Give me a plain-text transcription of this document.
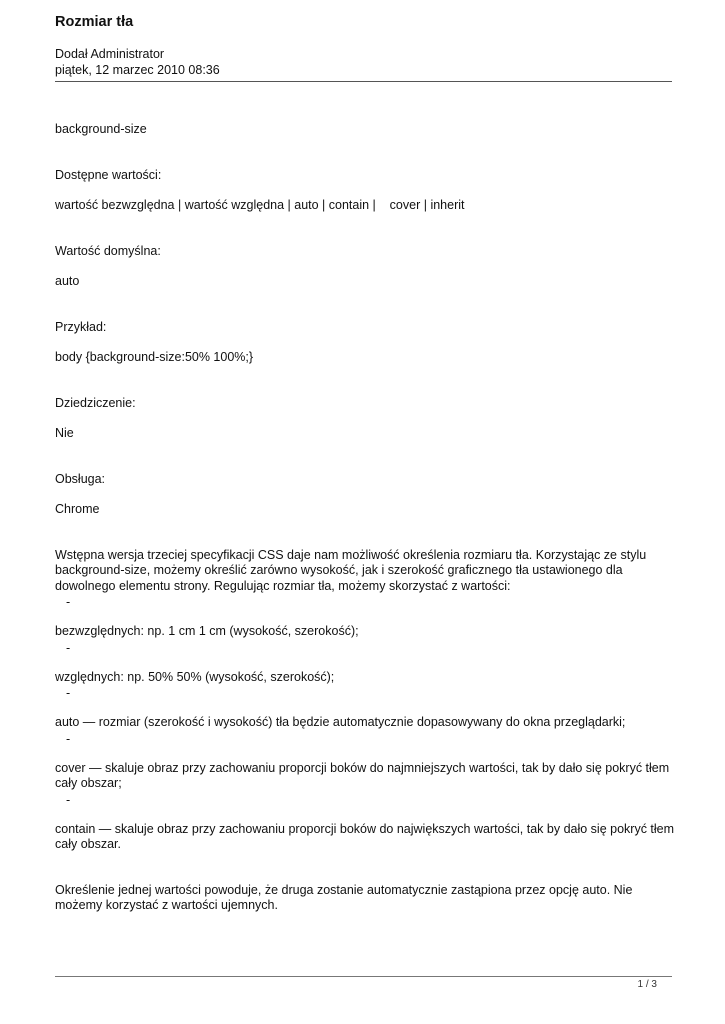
Rozmiar tła
Dodał Administrator
piątek, 12 marzec 2010 08:36

background-size

Dostępne wartości:

wartość bezwzględna | wartość względna | auto | contain |    cover | inherit

Wartość domyślna:

auto

Przykład:

body {background-size:50% 100%;}

Dziedziczenie:

Nie

Obsługa:

Chrome

Wstępna wersja trzeciej specyfikacji CSS daje nam możliwość określenia rozmiaru tła. Korzystając ze stylu background-size, możemy określić zarówno wysokość, jak i szerokość graficznego tła ustawionego dla dowolnego elementu strony. Regulując rozmiar tła, możemy skorzystać z wartości:

-

bezwzględnych: np. 1 cm 1 cm (wysokość, szerokość);

-

względnych: np. 50% 50% (wysokość, szerokość);

-

auto — rozmiar (szerokość i wysokość) tła będzie automatycznie dopasowywany do okna przeglądarki;

-

cover — skaluje obraz przy zachowaniu proporcji boków do najmniejszych wartości, tak by dało się pokryć tłem cały obszar;

-

contain — skaluje obraz przy zachowaniu proporcji boków do największych wartości, tak by dało się pokryć tłem cały obszar.

Określenie jednej wartości powoduje, że druga zostanie automatycznie zastąpiona przez opcję auto. Nie możemy korzystać z wartości ujemnych.

1 / 3
